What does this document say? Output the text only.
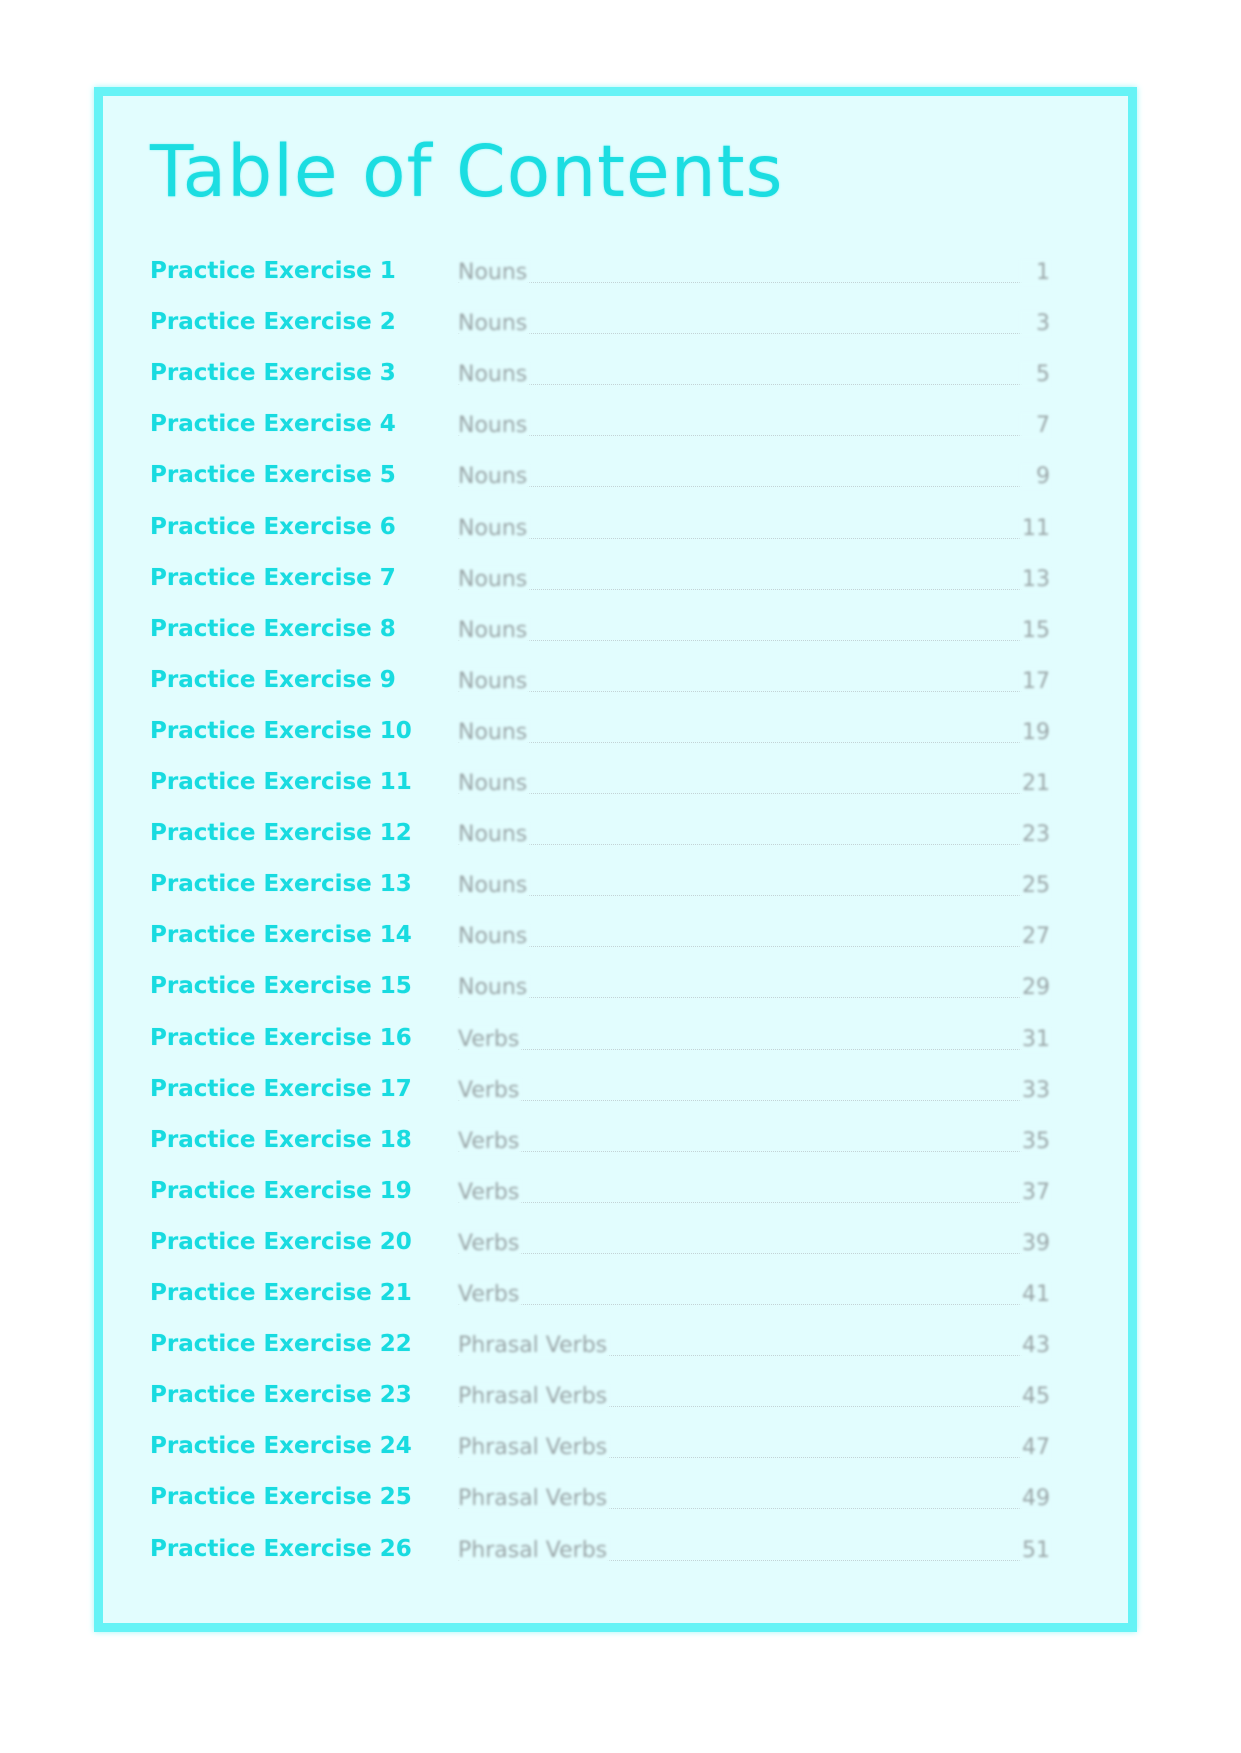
Table of Contents
Practice Exercise 1	Nouns	1
Practice Exercise 2	Nouns	3
Practice Exercise 3	Nouns	5
Practice Exercise 4	Nouns	7
Practice Exercise 5	Nouns	9
Practice Exercise 6	Nouns	11
Practice Exercise 7	Nouns	13
Practice Exercise 8	Nouns	15
Practice Exercise 9	Nouns	17
Practice Exercise 10 Nouns	19
Practice Exercise 11 Nouns	21
Practice Exercise 12 Nouns	23
Practice Exercise 13 Nouns	25
Practice Exercise 14 Nouns	27
Practice Exercise 15 Nouns	29
Practice Exercise 16 Verbs	31
Practice Exercise 17 Verbs	33
Practice Exercise 18 Verbs	35
Practice Exercise 19 Verbs	37
Practice Exercise 20 Verbs	39
Practice Exercise 21 Verbs	41
Practice Exercise 22 Phrasal Verbs	43
Practice Exercise 23 Phrasal Verbs	45
Practice Exercise 24 Phrasal Verbs	47
Practice Exercise 25 Phrasal Verbs	49
Practice Exercise 26 Phrasal Verbs	51
